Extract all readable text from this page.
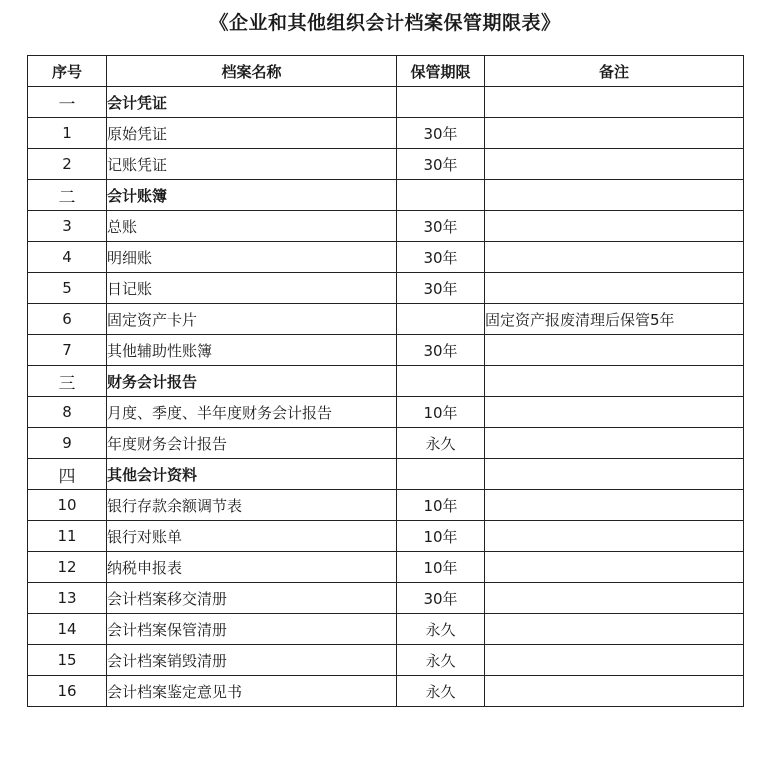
《企业和其他组织会计档案保管期限表》
序号	档案名称	保管期限	备注
一	会计凭证		
1	原始凭证	30年	
2	记账凭证	30年	
二	会计账簿		
3	总账	30年	
4	明细账	30年	
5	日记账	30年	
6	固定资产卡片		固定资产报废清理后保管5年
7	其他辅助性账簿	30年	
三	财务会计报告		
8	月度、季度、半年度财务会计报告	10年	
9	年度财务会计报告	永久	
四	其他会计资料		
10	银行存款余额调节表	10年	
11	银行对账单	10年	
12	纳税申报表	10年	
13	会计档案移交清册	30年	
14	会计档案保管清册	永久	
15	会计档案销毁清册	永久	
16	会计档案鉴定意见书	永久	
